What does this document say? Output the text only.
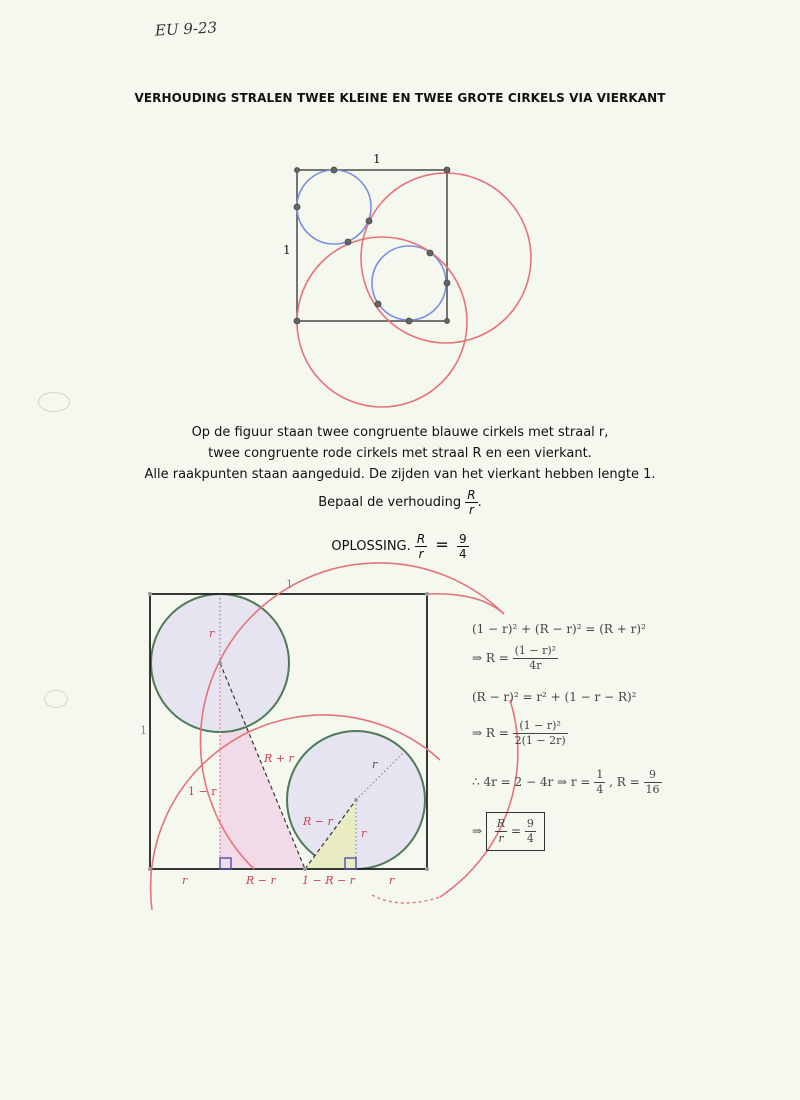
EU 9-23
VERHOUDING STRALEN TWEE KLEINE EN TWEE GROTE CIRKELS VIA VIERKANT
1
1
Op de figuur staan twee congruente blauwe cirkels met straal r,
twee congruente rode cirkels met straal R en een vierkant.
Alle raakpunten staan aangeduid. De zijden van het vierkant hebben lengte 1.
Bepaal de verhouding $\frac{R}{r}$ .
OPLOSSING. $\frac{R}{r} = \frac{9}{4}$
1
1
r
1 − r
R + r
R − r
r
r
r	R − r 1 − R − r	r
(1 − r)² + (R − r)² = (R + r)²
⇒ $R = \frac{\text{(1 − r)²}}{4r}$
(R − r)² = r² + (1 − r − R)²
⇒ $R = \frac{\text{(1 − r)²}}{2(1 - 2r)}$
∴ 4r = 2 − 4r ⇒ $r = \frac{1}{4}$ , $R = \frac{9}{16}$
⇒ $\frac{R}{r} = \frac{9}{4}$
